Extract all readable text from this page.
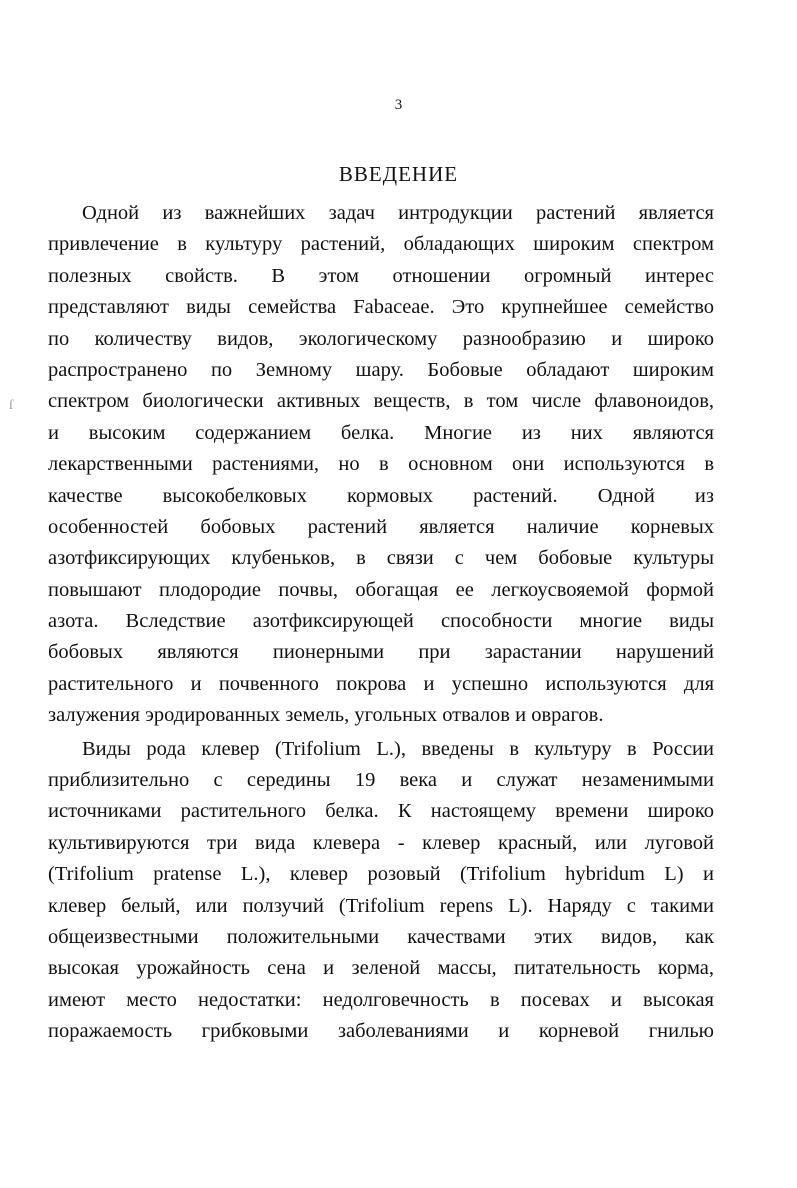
3
ſ
ВВЕДЕНИЕ
Одной из важнейших задач интродукции растений является
привлечение в культуру растений, обладающих широким спектром
полезных свойств. В этом отношении огромный интерес
представляют виды семейства Fabaceae. Это крупнейшее семейство
по количеству видов, экологическому разнообразию и широко
распространено по Земному шару. Бобовые обладают широким
спектром биологически активных веществ, в том числе флавоноидов,
и высоким содержанием белка. Многие из них являются
лекарственными растениями, но в основном они используются в
качестве высокобелковых кормовых растений. Одной из
особенностей бобовых растений является наличие корневых
азотфиксирующих клубеньков, в связи с чем бобовые культуры
повышают плодородие почвы, обогащая ее легкоусвояемой формой
азота. Вследствие азотфиксирующей способности многие виды
бобовых являются пионерными при зарастании нарушений
растительного и почвенного покрова и успешно используются для
залужения эродированных земель, угольных отвалов и оврагов.
Виды рода клевер (Trifolium L.), введены в культуру в России
приблизительно с середины 19 века и служат незаменимыми
источниками растительного белка. К настоящему времени широко
культивируются три вида клевера - клевер красный, или луговой
(Trifolium pratense L.), клевер розовый (Trifolium hybridum L) и
клевер белый, или ползучий (Trifolium repens L). Наряду с такими
общеизвестными положительными качествами этих видов, как
высокая урожайность сена и зеленой массы, питательность корма,
имеют место недостатки: недолговечность в посевах и высокая
поражаемость грибковыми заболеваниями и корневой гнилью
